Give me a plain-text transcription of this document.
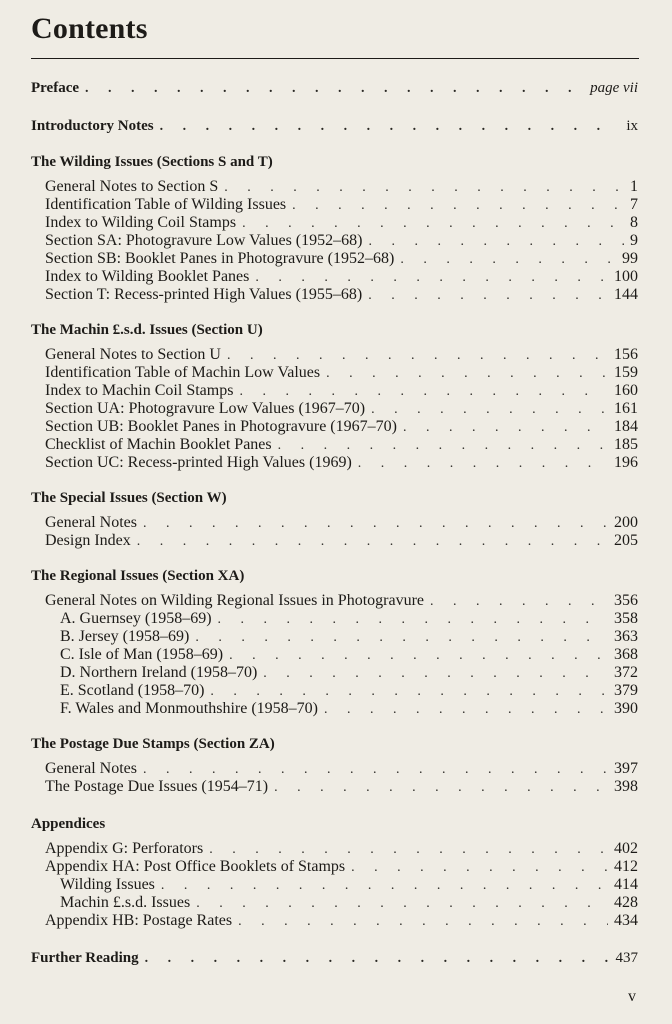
Contents
Preface . . .	page vii
Introductory Notes . . .	ix
The Wilding Issues (Sections S and T)
General Notes to Section S . . .	1
Identification Table of Wilding Issues . . .	7
Index to Wilding Coil Stamps . . .	8
Section SA: Photogravure Low Values (1952–68) . . .	9
Section SB: Booklet Panes in Photogravure (1952–68) . . .	99
Index to Wilding Booklet Panes . . .	100
Section T: Recess-printed High Values (1955–68) . . .	144
The Machin £.s.d. Issues (Section U)
General Notes to Section U . . .	156
Identification Table of Machin Low Values . . .	159
Index to Machin Coil Stamps . . .	160
Section UA: Photogravure Low Values (1967–70) . . .	161
Section UB: Booklet Panes in Photogravure (1967–70) . . .	184
Checklist of Machin Booklet Panes . . .	185
Section UC: Recess-printed High Values (1969) . . .	196
The Special Issues (Section W)
General Notes . . .	200
Design Index . . .	205
The Regional Issues (Section XA)
General Notes on Wilding Regional Issues in Photogravure . . .	356
A. Guernsey (1958–69) . . .	358
B. Jersey (1958–69) . . .	363
C. Isle of Man (1958–69) . . .	368
D. Northern Ireland (1958–70) . . .	372
E. Scotland (1958–70) . . .	379
F. Wales and Monmouthshire (1958–70) . . .	390
The Postage Due Stamps (Section ZA)
General Notes . . .	397
The Postage Due Issues (1954–71) . . .	398
Appendices
Appendix G: Perforators . . .	402
Appendix HA: Post Office Booklets of Stamps . . .	412
Wilding Issues . . .	414
Machin £.s.d. Issues . . .	428
Appendix HB: Postage Rates . . .	434
Further Reading . . .	437
v
